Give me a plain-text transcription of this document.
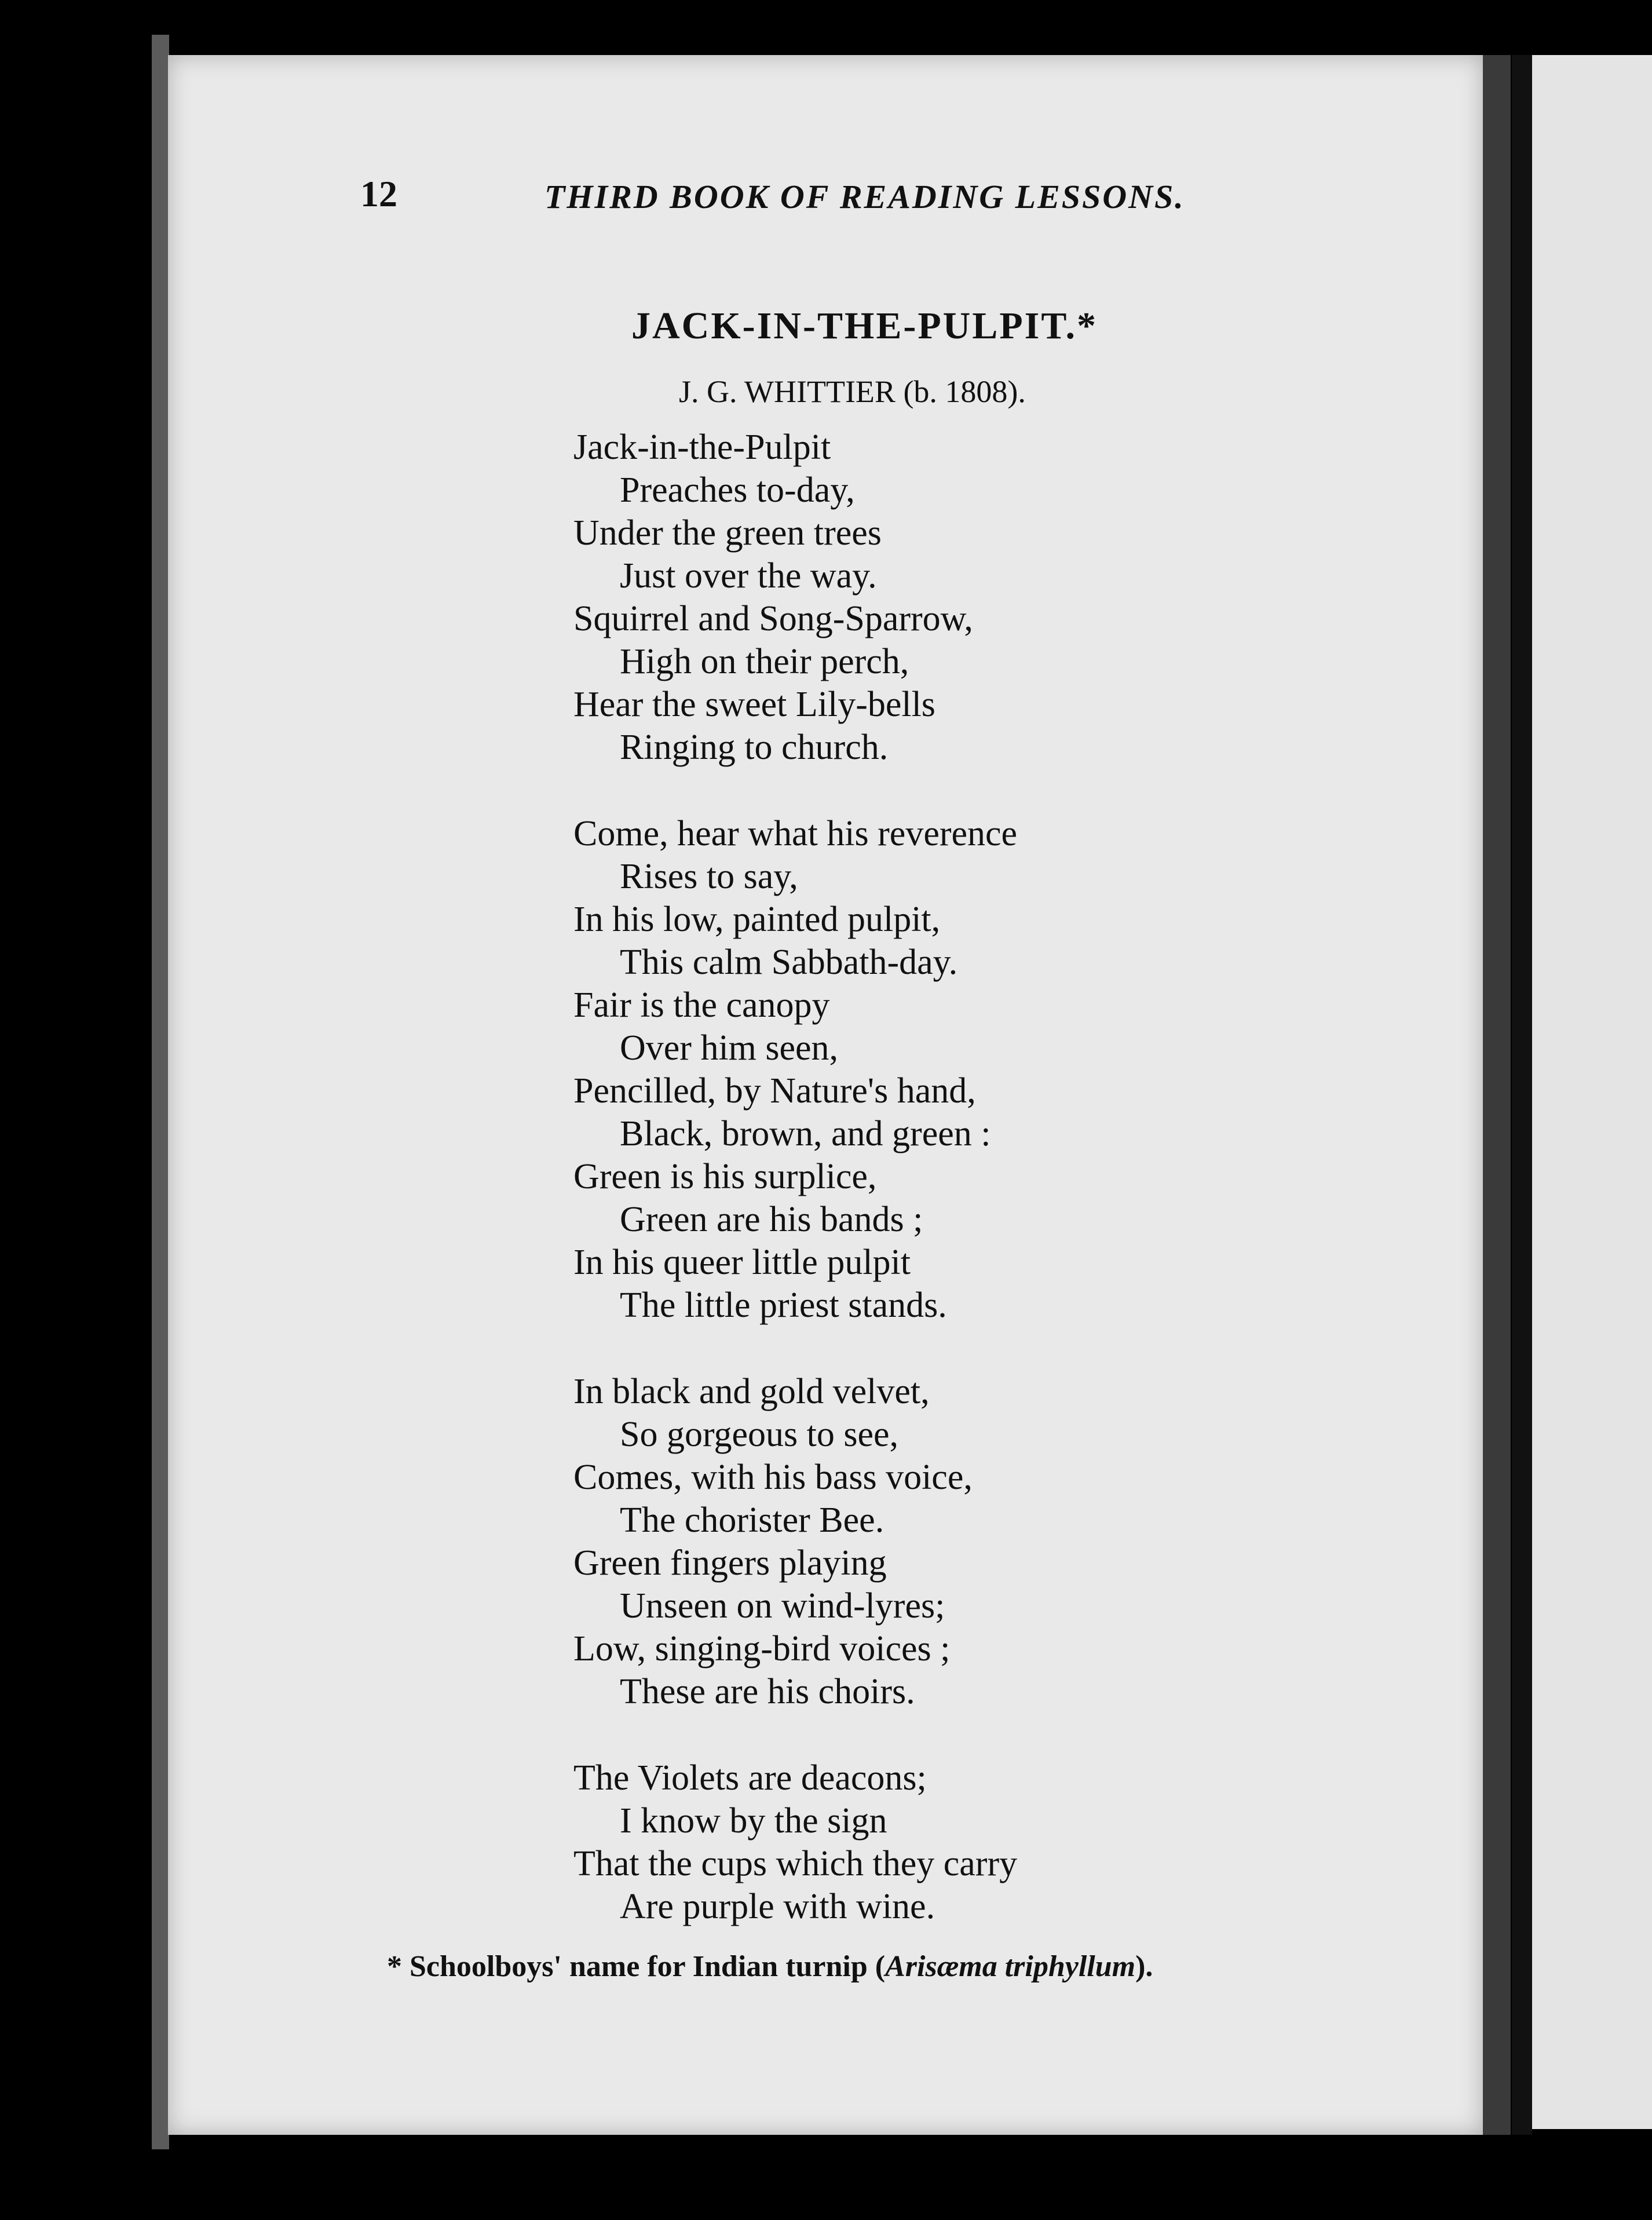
12	THIRD BOOK OF READING LESSONS.
JACK-IN-THE-PULPIT.*
J. G. WHITTIER (b. 1808).
Jack-in-the-Pulpit
Preaches to-day,
Under the green trees
Just over the way.
Squirrel and Song-Sparrow,
High on their perch,
Hear the sweet Lily-bells
Ringing to church.
Come, hear what his reverence
Rises to say,
In his low, painted pulpit,
This calm Sabbath-day.
Fair is the canopy
Over him seen,
Pencilled, by Nature's hand,
Black, brown, and green :
Green is his surplice,
Green are his bands ;
In his queer little pulpit
The little priest stands.
In black and gold velvet,
So gorgeous to see,
Comes, with his bass voice,
The chorister Bee.
Green fingers playing
Unseen on wind-lyres;
Low, singing-bird voices ;
These are his choirs.
The Violets are deacons;
I know by the sign
That the cups which they carry
Are purple with wine.
* Schoolboys' name for Indian turnip (Arisæma triphyllum).
